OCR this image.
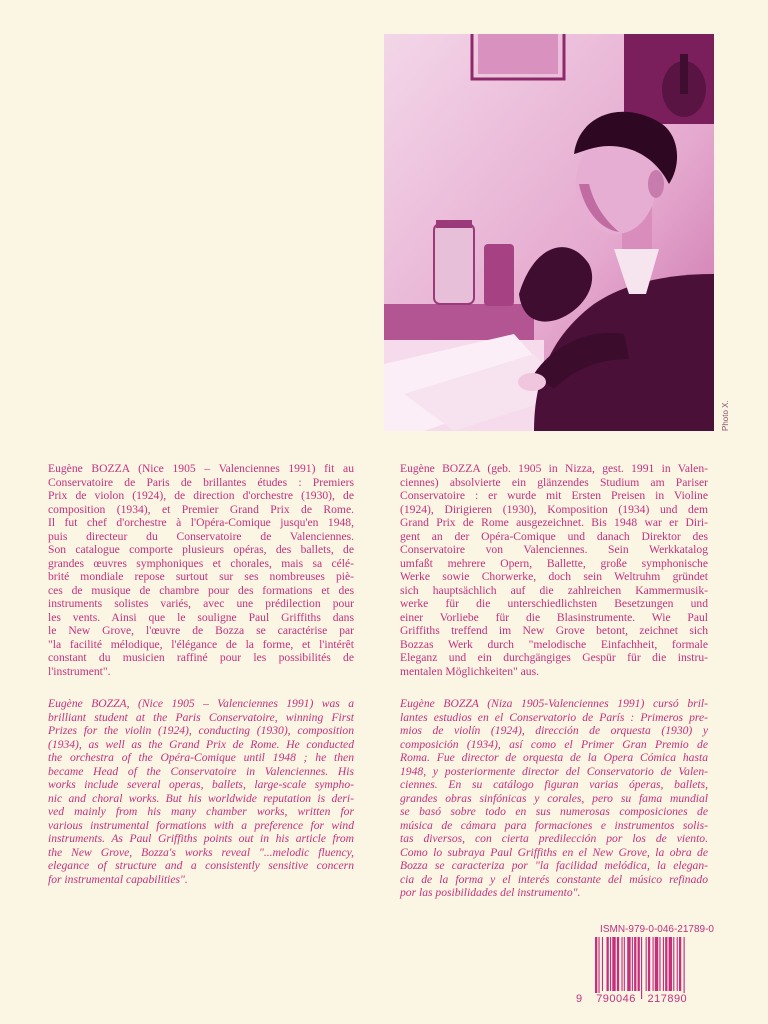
Photo X.
Eugène BOZZA (Nice 1905 – Valenciennes 1991) fit au
Conservatoire de Paris de brillantes études : Premiers
Prix de violon (1924), de direction d'orchestre (1930), de
composition (1934), et Premier Grand Prix de Rome.
Il fut chef d'orchestre à l'Opéra-Comique jusqu'en 1948,
puis directeur du Conservatoire de Valenciennes.
Son catalogue comporte plusieurs opéras, des ballets, de
grandes œuvres symphoniques et chorales, mais sa célé-
brité mondiale repose surtout sur ses nombreuses piè-
ces de musique de chambre pour des formations et des
instruments solistes variés, avec une prédilection pour
les vents. Ainsi que le souligne Paul Griffiths dans
le New Grove, l'œuvre de Bozza se caractérise par
"la facilité mélodique, l'élégance de la forme, et l'intérêt
constant du musicien raffiné pour les possibilités de
l'instrument".
Eugène BOZZA (geb. 1905 in Nizza, gest. 1991 in Valen-
ciennes) absolvierte ein glänzendes Studium am Pariser
Conservatoire : er wurde mit Ersten Preisen in Violine
(1924), Dirigieren (1930), Komposition (1934) und dem
Grand Prix de Rome ausgezeichnet. Bis 1948 war er Diri-
gent an der Opéra-Comique und danach Direktor des
Conservatoire von Valenciennes. Sein Werkkatalog
umfaßt mehrere Opern, Ballette, große symphonische
Werke sowie Chorwerke, doch sein Weltruhm gründet
sich hauptsächlich auf die zahlreichen Kammermusik-
werke für die unterschiedlichsten Besetzungen und
einer Vorliebe für die Blasinstrumente. Wie Paul
Griffiths treffend im New Grove betont, zeichnet sich
Bozzas Werk durch "melodische Einfachheit, formale
Eleganz und ein durchgängiges Gespür für die instru-
mentalen Möglichkeiten" aus.
Eugène BOZZA, (Nice 1905 – Valenciennes 1991) was a
brilliant student at the Paris Conservatoire, winning First
Prizes for the violin (1924), conducting (1930), composition
(1934), as well as the Grand Prix de Rome. He conducted
the orchestra of the Opéra-Comique until 1948 ; he then
became Head of the Conservatoire in Valenciennes. His
works include several operas, ballets, large-scale sympho-
nic and choral works. But his worldwide reputation is deri-
ved mainly from his many chamber works, written for
various instrumental formations with a preference for wind
instruments. As Paul Griffiths points out in his article from
the New Grove, Bozza's works reveal "...melodic fluency,
elegance of structure and a consistently sensitive concern
for instrumental capabilities".
Eugène BOZZA (Niza 1905-Valenciennes 1991) cursó bril-
lantes estudios en el Conservatorio de París : Primeros pre-
mios de violín (1924), dirección de orquesta (1930) y
composición (1934), así como el Primer Gran Premio de
Roma. Fue director de orquesta de la Opera Cómica hasta
1948, y posteriormente director del Conservatorio de Valen-
ciennes. En su catálogo figuran varias óperas, ballets,
grandes obras sinfónicas y corales, pero su fama mundial
se basó sobre todo en sus numerosas composiciones de
música de cámara para formaciones e instrumentos solis-
tas diversos, con cierta predilección por los de viento.
Como lo subraya Paul Griffiths en el New Grove, la obra de
Bozza se caracteriza por "la facilidad melódica, la elegan-
cia de la forma y el interés constante del músico refinado
por las posibilidades del instrumento".
ISMN-979-0-046-21789-0
9 790046 217890
